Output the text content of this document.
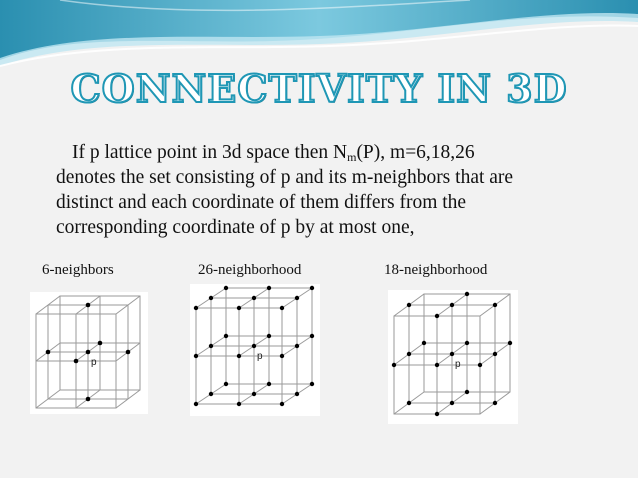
CONNECTIVITY IN 3D
If p lattice point in 3d space then $N_m(P)$, m=6,18,26
denotes the set consisting of p and its m-neighbors that are
distinct and each coordinate of them differs from the
corresponding coordinate of p by at most one,
6-neighbors	26-neighborhood	18-neighborhood
p
p
p
